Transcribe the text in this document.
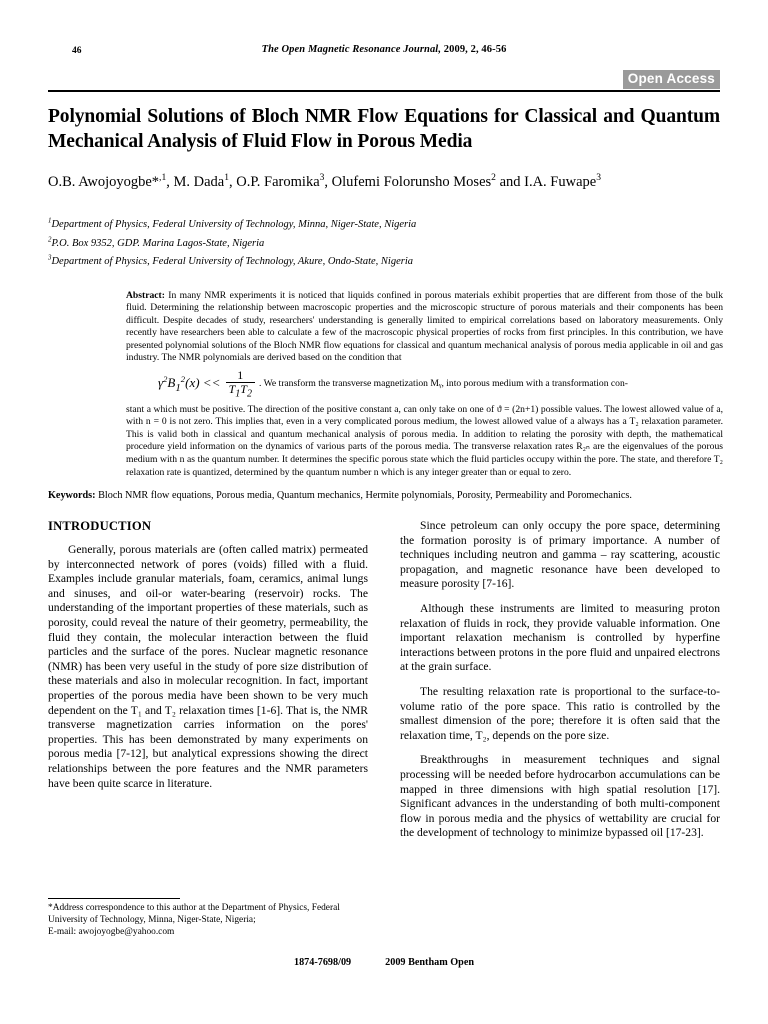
46	The Open Magnetic Resonance Journal, 2009, 2, 46-56
Open Access
Polynomial Solutions of Bloch NMR Flow Equations for Classical and Quantum Mechanical Analysis of Fluid Flow in Porous Media
O.B. Awojoyogbe*$^{,1}$, M. Dada$^1$, O.P. Faromika$^3$, Olufemi Folorunsho Moses$^2$ and I.A. Fuwape$^3$

$^1$Department of Physics, Federal University of Technology, Minna, Niger-State, Nigeria

$^2$P.O. Box 9352, GDP. Marina Lagos-State, Nigeria

$^3$Department of Physics, Federal University of Technology, Akure, Ondo-State, Nigeria

Abstract: In many NMR experiments it is noticed that liquids confined in porous materials exhibit properties that are different from those of the bulk fluid. Determining the relationship between macroscopic properties and the microscopic structure of porous materials and their components has been difficult. Despite decades of study, researchers' understanding is generally limited to empirical correlations based on laboratory measurements. Only recently have researchers been able to calculate a few of the macroscopic physical properties of rocks from first principles. In this contribution, we have presented polynomial solutions of the Bloch NMR flow equations for classical and quantum mechanical analysis of porous media applicable in oil and gas industry. The NMR polynomials are derived based on the condition that

$\gamma^2B_1^2(x) << \frac{1}{T_1T_2}$ . We transform the transverse magnetization Mᵧ, into porous medium with a transformation con-

stant a which must be positive. The direction of the positive constant a, can only take on one of ϑ = (2n+1) possible values. The lowest allowed value of a, with n = 0 is not zero. This implies that, even in a very complicated porous medium, the lowest allowed value of a always has a T₂ relaxation parameter. This is valid both in classical and quantum mechanical analysis of porous media. In addition to relating the porosity with depth, the mathematical procedure yield information on the dynamics of various parts of the porous media. The transverse relaxation rates R₂ₙ are the eigenvalues of the porous medium with n as the quantum number. It determines the specific porous state which the fluid particles occupy within the pore. The state, and therefore T₂ relaxation rate is quantized, determined by the quantum number n which is any integer greater than or equal to zero.

Keywords: Bloch NMR flow equations, Porous media, Quantum mechanics, Hermite polynomials, Porosity, Permeability and Poromechanics.

INTRODUCTION

Generally, porous materials are (often called matrix) permeated by interconnected network of pores (voids) filled with a fluid. Examples include granular materials, foam, ceramics, animal lungs and sinuses, and oil-or water-bearing (reservoir) rocks. The understanding of the important properties of these materials, such as porosity, could reveal the nature of their geometry, permeability, the fluid they contain, the molecular interaction between the fluid particles and the surface of the pores. Nuclear magnetic resonance (NMR) has been very useful in the study of pore size distribution of these materials and also in molecular recognition. In fact, important properties of the porous media have been shown to be very much dependent on the T₁ and T₂ relaxation times [1-6]. That is, the NMR transverse magnetization carries information on the pores' properties. This has been demonstrated by many experiments on porous media [7-12], but analytical expressions showing the direct relationships between the pore features and the NMR parameters have been quite scarce in literature.

Since petroleum can only occupy the pore space, determining the formation porosity is of primary importance. A number of techniques including neutron and gamma – ray scattering, acoustic propagation, and magnetic resonance have been developed to measure porosity [7-16].

Although these instruments are limited to measuring proton relaxation of fluids in rock, they provide valuable information. One important relaxation mechanism is controlled by hyperfine interactions between protons in the pore fluid and unpaired electrons at the grain surface.

The resulting relaxation rate is proportional to the surface-to-volume ratio of the pore space. This ratio is controlled by the smallest dimension of the pore; therefore it is often said that the relaxation time, T₂, depends on the pore size.

Breakthroughs in measurement techniques and signal processing will be needed before hydrocarbon accumulations can be mapped in three dimensions with high spatial resolution [17]. Significant advances in the understanding of both multi-component flow in porous media and the physics of wettability are crucial for the development of technology to minimize bypassed oil [17-23].

*Address correspondence to this author at the Department of Physics, Federal University of Technology, Minna, Niger-State, Nigeria;

E-mail: awojoyogbe@yahoo.com

1874-7698/09	2009 Bentham Open
